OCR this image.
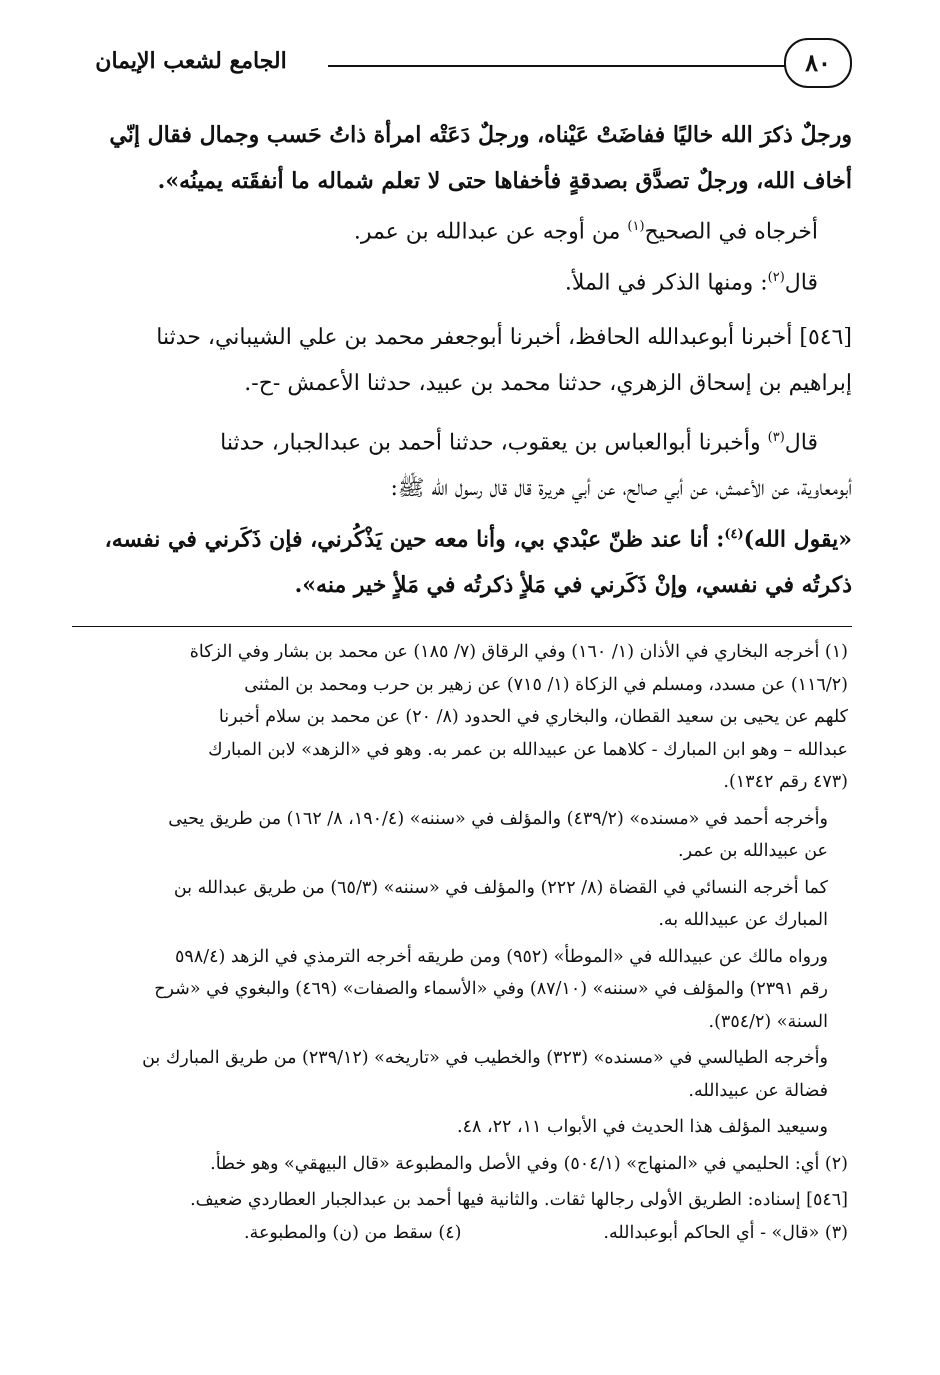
٨٠
الجامع لشعب الإيمان

ورجلٌ ذكرَ الله خاليًا ففاضَتْ عَيْناه، ورجلٌ دَعَتْه امرأة ذاتُ حَسب وجمال فقال إنّي
أخاف الله، ورجلٌ تصدَّق بصدقةٍ فأخفاها حتى لا تعلم شماله ما أنفقَته يمينُه».

أخرجاه في الصحيح$^{(١)}$ من أوجه عن عبدالله بن عمر.

قال$^{(٢)}$: ومنها الذكر في الملأ.

[٥٤٦] أخبرنا أبوعبدالله الحافظ، أخبرنا أبوجعفر محمد بن علي الشيباني، حدثنا
إبراهيم بن إسحاق الزهري، حدثنا محمد بن عبيد، حدثنا الأعمش -ح-.

قال$^{(٣)}$ وأخبرنا أبوالعباس بن يعقوب، حدثنا أحمد بن عبدالجبار، حدثنا

أبومعاوية، عن الأعمش، عن أبي صالح، عن أبي هريرة قال قال رسول الله ﷺ:

«يقول الله)$^{(٤)}$: أنا عند ظنّ عبْدي بي، وأنا معه حين يَذْكُرني، فإن ذَكَرني في نفسه،
ذكرتُه في نفسي، وإنْ ذَكَرني في مَلأٍ ذكرتُه في مَلأٍ خير منه».

(١) أخرجه البخاري في الأذان (١/ ١٦٠) وفي الرقاق (٧/ ١٨٥) عن محمد بن بشار وفي الزكاة
(١١٦/٢) عن مسدد، ومسلم في الزكاة (١/ ٧١٥) عن زهير بن حرب ومحمد بن المثنى
كلهم عن يحيى بن سعيد القطان، والبخاري في الحدود (٨/ ٢٠) عن محمد بن سلام أخبرنا
عبدالله – وهو ابن المبارك - كلاهما عن عبيدالله بن عمر به. وهو في «الزهد» لابن المبارك
(٤٧٣ رقم ١٣٤٢).

وأخرجه أحمد في «مسنده» (٤٣٩/٢) والمؤلف في «سننه» (١٩٠/٤، ٨/ ١٦٢) من طريق يحيى
عن عبيدالله بن عمر.

كما أخرجه النسائي في القضاة (٨/ ٢٢٢) والمؤلف في «سننه» (٦٥/٣) من طريق عبدالله بن
المبارك عن عبيدالله به.

ورواه مالك عن عبيدالله في «الموطأ» (٩٥٢) ومن طريقه أخرجه الترمذي في الزهد (٥٩٨/٤
رقم ٢٣٩١) والمؤلف في «سننه» (٨٧/١٠) وفي «الأسماء والصفات» (٤٦٩) والبغوي في «شرح
السنة» (٣٥٤/٢).

وأخرجه الطيالسي في «مسنده» (٣٢٣) والخطيب في «تاريخه» (٢٣٩/١٢) من طريق المبارك بن
فضالة عن عبيدالله.

وسيعيد المؤلف هذا الحديث في الأبواب ١١، ٢٢، ٤٨.

(٢) أي: الحليمي في «المنهاج» (٥٠٤/١) وفي الأصل والمطبوعة «قال البيهقي» وهو خطأ.

[٥٤٦] إسناده: الطريق الأولى رجالها ثقات. والثانية فيها أحمد بن عبدالجبار العطاردي ضعيف.

(٣) «قال» - أي الحاكم أبوعبدالله.
(٤) سقط من (ن) والمطبوعة.
